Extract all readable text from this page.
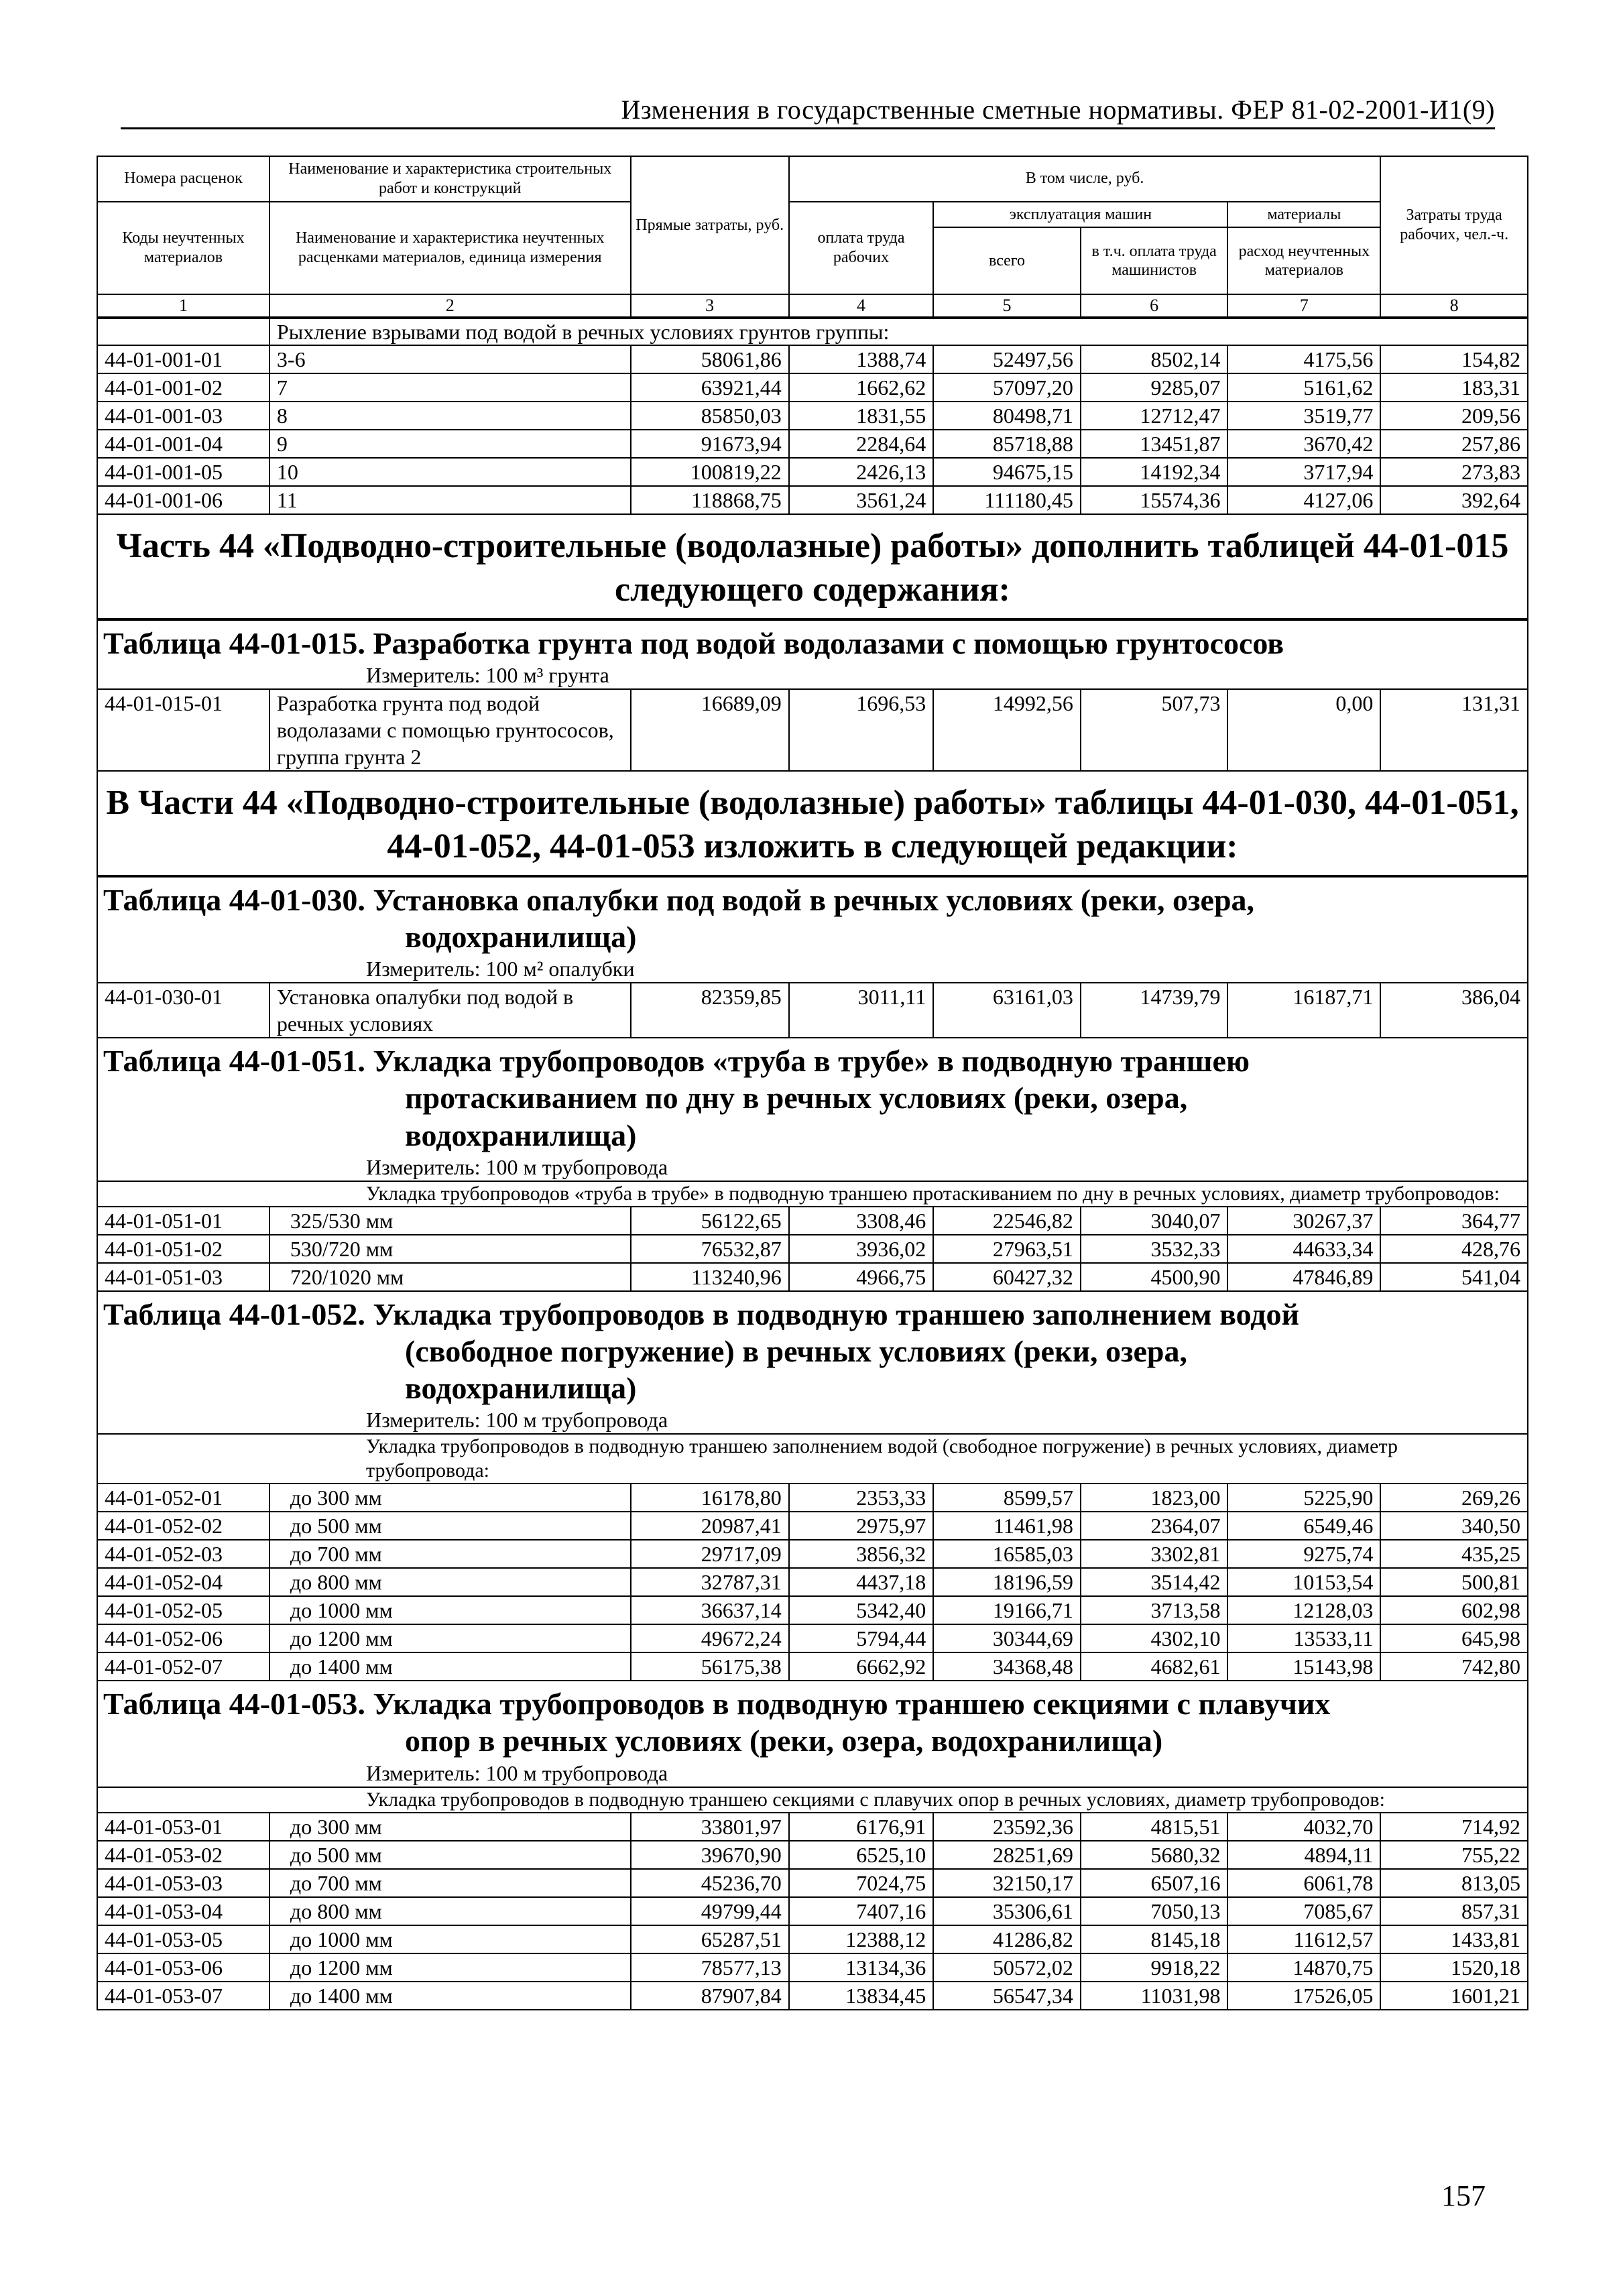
Изменения в государственные сметные нормативы. ФЕР 81-02-2001-И1(9)
Номера расценок	Наименование и характеристика строительных работ и конструкций	Прямые затраты, руб.	В том числе, руб.				Затраты труда рабочих, чел.-ч.
Коды неучтенных материалов	Наименование и характеристика неучтенных расценками материалов, единица измерения		оплата труда рабочих	эксплуатация машин		материалы	
				всего	в т.ч. оплата труда машинистов	расход неучтенных материалов	

1	2	3	4	5	6	7	8
	Рыхление взрывами под водой в речных условиях грунтов группы:						
44-01-001-01	3-6	58061,86	1388,74	52497,56	8502,14	4175,56	154,82
44-01-001-02	7	63921,44	1662,62	57097,20	9285,07	5161,62	183,31
44-01-001-03	8	85850,03	1831,55	80498,71	12712,47	3519,77	209,56
44-01-001-04	9	91673,94	2284,64	85718,88	13451,87	3670,42	257,86
44-01-001-05	10	100819,22	2426,13	94675,15	14192,34	3717,94	273,83
44-01-001-06	11	118868,75	3561,24	111180,45	15574,36	4127,06	392,64
Часть 44 «Подводно-строительные (водолазные) работы» дополнить таблицей 44-01-015 следующего содержания:
Таблица 44-01-015. Разработка грунта под водой водолазами с помощью грунтососов
Измеритель: 100 м³ грунта
44-01-015-01	Разработка грунта под водой водолазами с помощью грунтососов, группа грунта 2	16689,09	1696,53	14992,56	507,73	0,00	131,31
В Части 44 «Подводно-строительные (водолазные) работы» таблицы 44-01-030, 44-01-051, 44-01-052, 44-01-053 изложить в следующей редакции:
Таблица 44-01-030. Установка опалубки под водой в речных условиях (реки, озера,
водохранилища)
Измеритель: 100 м² опалубки
44-01-030-01	Установка опалубки под водой в речных условиях	82359,85	3011,11	63161,03	14739,79	16187,71	386,04
Таблица 44-01-051. Укладка трубопроводов «труба в трубе» в подводную траншею
протаскиванием по дну в речных условиях (реки, озера,
водохранилища)
Измеритель: 100 м трубопровода
Укладка трубопроводов «труба в трубе» в подводную траншею протаскиванием по дну в речных условиях, диаметр трубопроводов:
44-01-051-01	325/530 мм	56122,65	3308,46	22546,82	3040,07	30267,37	364,77
44-01-051-02	530/720 мм	76532,87	3936,02	27963,51	3532,33	44633,34	428,76
44-01-051-03	720/1020 мм	113240,96	4966,75	60427,32	4500,90	47846,89	541,04
Таблица 44-01-052. Укладка трубопроводов в подводную траншею заполнением водой
(свободное погружение) в речных условиях (реки, озера,
водохранилища)
Измеритель: 100 м трубопровода
Укладка трубопроводов в подводную траншею заполнением водой (свободное погружение) в речных условиях, диаметр трубопровода:
44-01-052-01	до 300 мм	16178,80	2353,33	8599,57	1823,00	5225,90	269,26
44-01-052-02	до 500 мм	20987,41	2975,97	11461,98	2364,07	6549,46	340,50
44-01-052-03	до 700 мм	29717,09	3856,32	16585,03	3302,81	9275,74	435,25
44-01-052-04	до 800 мм	32787,31	4437,18	18196,59	3514,42	10153,54	500,81
44-01-052-05	до 1000 мм	36637,14	5342,40	19166,71	3713,58	12128,03	602,98
44-01-052-06	до 1200 мм	49672,24	5794,44	30344,69	4302,10	13533,11	645,98
44-01-052-07	до 1400 мм	56175,38	6662,92	34368,48	4682,61	15143,98	742,80
Таблица 44-01-053. Укладка трубопроводов в подводную траншею секциями с плавучих
опор в речных условиях (реки, озера, водохранилища)
Измеритель: 100 м трубопровода
Укладка трубопроводов в подводную траншею секциями с плавучих опор в речных условиях, диаметр трубопроводов:
44-01-053-01	до 300 мм	33801,97	6176,91	23592,36	4815,51	4032,70	714,92
44-01-053-02	до 500 мм	39670,90	6525,10	28251,69	5680,32	4894,11	755,22
44-01-053-03	до 700 мм	45236,70	7024,75	32150,17	6507,16	6061,78	813,05
44-01-053-04	до 800 мм	49799,44	7407,16	35306,61	7050,13	7085,67	857,31
44-01-053-05	до 1000 мм	65287,51	12388,12	41286,82	8145,18	11612,57	1433,81
44-01-053-06	до 1200 мм	78577,13	13134,36	50572,02	9918,22	14870,75	1520,18
44-01-053-07	до 1400 мм	87907,84	13834,45	56547,34	11031,98	17526,05	1601,21
157
